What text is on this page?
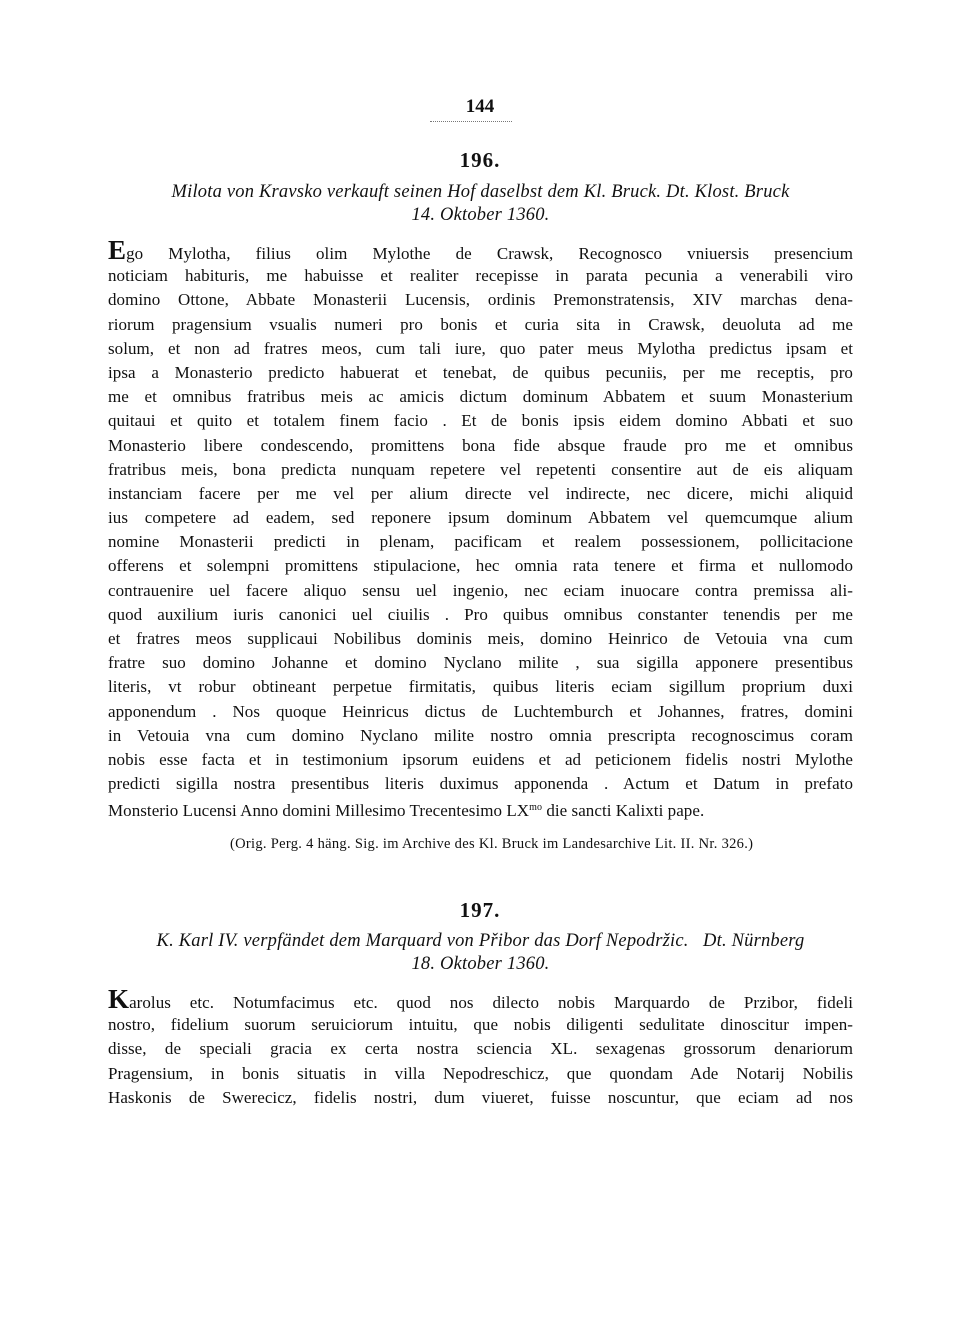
144
196.
Milota von Kravsko verkauft seinen Hof daselbst dem Kl. Bruck. Dt. Klost. Bruck
14. Oktober 1360.
Ego Mylotha, filius olim Mylothe de Crawsk, Recognosco vniuersis presencium
noticiam habituris, me habuisse et realiter recepisse in parata pecunia a venerabili viro
domino Ottone, Abbate Monasterii Lucensis, ordinis Premonstratensis, XIV marchas dena-
riorum pragensium vsualis numeri pro bonis et curia sita in Crawsk, deuoluta ad me
solum, et non ad fratres meos, cum tali iure, quo pater meus Mylotha predictus ipsam et
ipsa a Monasterio predicto habuerat et tenebat, de quibus pecuniis, per me receptis, pro
me et omnibus fratribus meis ac amicis dictum dominum Abbatem et suum Monasterium
quitaui et quito et totalem finem facio . Et de bonis ipsis eidem domino Abbati et suo
Monasterio libere condescendo, promittens bona fide absque fraude pro me et omnibus
fratribus meis, bona predicta nunquam repetere vel repetenti consentire aut de eis aliquam
instanciam facere per me vel per alium directe vel indirecte, nec dicere, michi aliquid
ius competere ad eadem, sed reponere ipsum dominum Abbatem vel quemcumque alium
nomine Monasterii predicti in plenam, pacificam et realem possessionem, pollicitacione
offerens et solempni promittens stipulacione, hec omnia rata tenere et firma et nullomodo
contrauenire uel facere aliquo sensu uel ingenio, nec eciam inuocare contra premissa ali-
quod auxilium iuris canonici uel ciuilis . Pro quibus omnibus constanter tenendis per me
et fratres meos supplicaui Nobilibus dominis meis, domino Heinrico de Vetouia vna cum
fratre suo domino Johanne et domino Nyclano milite , sua sigilla apponere presentibus
literis, vt robur obtineant perpetue firmitatis, quibus literis eciam sigillum proprium duxi
apponendum . Nos quoque Heinricus dictus de Luchtemburch et Johannes, fratres, domini
in Vetouia vna cum domino Nyclano milite nostro omnia prescripta recognoscimus coram
nobis esse facta et in testimonium ipsorum euidens et ad peticionem fidelis nostri Mylothe
predicti sigilla nostra presentibus literis duximus apponenda . Actum et Datum in prefato
Monsterio Lucensi Anno domini Millesimo Trecentesimo $LX^{mo}$ die sancti Kalixti pape.
(Orig. Perg. 4 häng. Sig. im Archive des Kl. Bruck im Landesarchive Lit. II. Nr. 326.)
197.
K. Karl IV. verpfändet dem Marquard von Přibor das Dorf Nepodržic.   Dt. Nürnberg
18. Oktober 1360.
Karolus etc. Notumfacimus etc. quod nos dilecto nobis Marquardo de Przibor, fideli
nostro, fidelium suorum seruiciorum intuitu, que nobis diligenti sedulitate dinoscitur impen-
disse, de speciali gracia ex certa nostra sciencia XL. sexagenas grossorum denariorum
Pragensium, in bonis situatis in villa Nepodreschicz, que quondam Ade Notarij Nobilis
Haskonis de Swerecicz, fidelis nostri, dum viueret, fuisse noscuntur, que eciam ad nos
